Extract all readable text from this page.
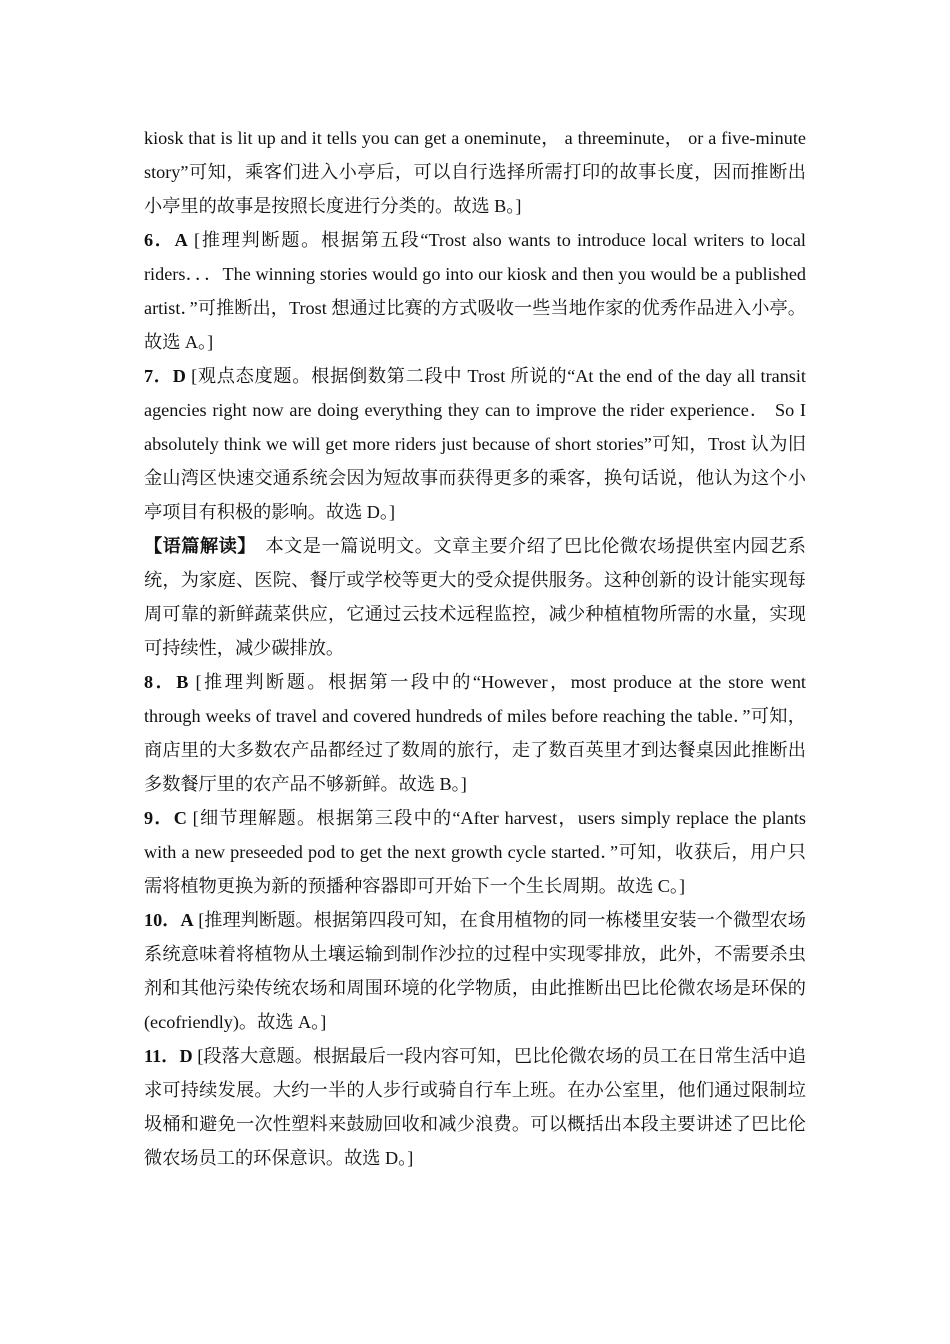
kiosk that is lit up and it tells you can get a oneminute， a threeminute， or a five-minute story”可知，乘客们进入小亭后，可以自行选择所需打印的故事长度，因而推断出小亭里的故事是按照长度进行分类的。故选 B。]

6．A [推理判断题。根据第五段“Trost also wants to introduce local writers to local riders．．．The winning stories would go into our kiosk and then you would be a published artist．”可推断出，Trost 想通过比赛的方式吸收一些当地作家的优秀作品进入小亭。故选 A。]

7．D [观点态度题。根据倒数第二段中 Trost 所说的“At the end of the day all transit agencies right now are doing everything they can to improve the rider experience． So I absolutely think we will get more riders just because of short stories”可知，Trost 认为旧金山湾区快速交通系统会因为短故事而获得更多的乘客，换句话说，他认为这个小亭项目有积极的影响。故选 D。]

【语篇解读】　本文是一篇说明文。文章主要介绍了巴比伦微农场提供室内园艺系统，为家庭、医院、餐厅或学校等更大的受众提供服务。这种创新的设计能实现每周可靠的新鲜蔬菜供应，它通过云技术远程监控，减少种植植物所需的水量，实现可持续性，减少碳排放。

8．B [推理判断题。根据第一段中的“However，most produce at the store went through weeks of travel and covered hundreds of miles before reaching the table．”可知，商店里的大多数农产品都经过了数周的旅行，走了数百英里才到达餐桌因此推断出多数餐厅里的农产品不够新鲜。故选 B。]

9．C [细节理解题。根据第三段中的“After harvest，users simply replace the plants with a new preseeded pod to get the next growth cycle started．”可知，收获后，用户只需将植物更换为新的预播种容器即可开始下一个生长周期。故选 C。]

10．A [推理判断题。根据第四段可知，在食用植物的同一栋楼里安装一个微型农场系统意味着将植物从土壤运输到制作沙拉的过程中实现零排放，此外，不需要杀虫剂和其他污染传统农场和周围环境的化学物质，由此推断出巴比伦微农场是环保的(ecofriendly)。故选 A。]

11．D [段落大意题。根据最后一段内容可知，巴比伦微农场的员工在日常生活中追求可持续发展。大约一半的人步行或骑自行车上班。在办公室里，他们通过限制垃圾桶和避免一次性塑料来鼓励回收和减少浪费。可以概括出本段主要讲述了巴比伦微农场员工的环保意识。故选 D。]
